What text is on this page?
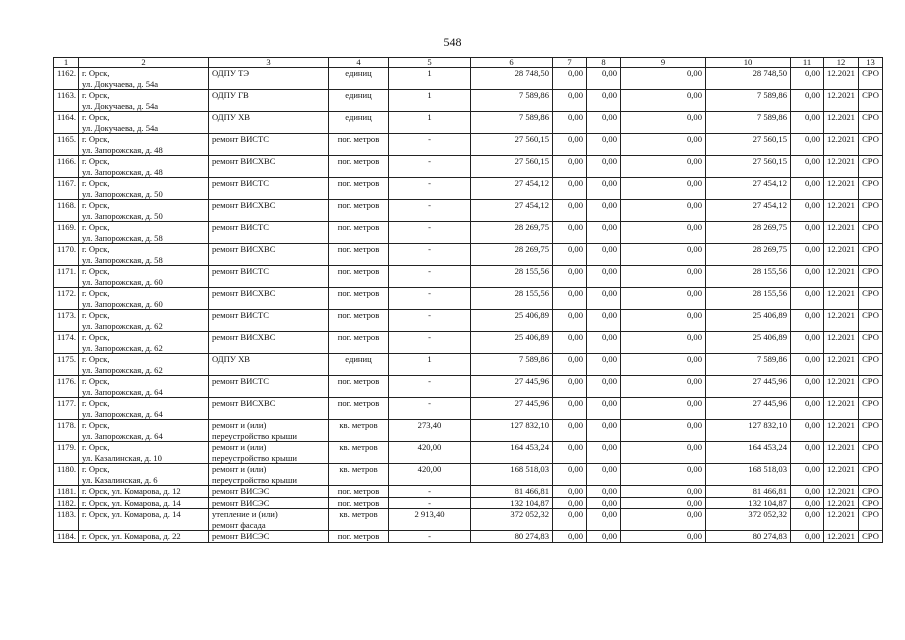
548
1	2	3	4	5	6	7	8	9	10	11	12	13

1162.	г. Орск,
ул. Докучаева, д. 54а	ОДПУ ТЭ	единиц	1	28 748,50	0,00	0,00	0,00	28 748,50	0,00	12.2021	СРО

1163.	г. Орск,
ул. Докучаева, д. 54а	ОДПУ ГВ	единиц	1	7 589,86	0,00	0,00	0,00	7 589,86	0,00	12.2021	СРО

1164.	г. Орск,
ул. Докучаева, д. 54а	ОДПУ ХВ	единиц	1	7 589,86	0,00	0,00	0,00	7 589,86	0,00	12.2021	СРО

1165.	г. Орск,
ул. Запорожская, д. 48	ремонт ВИСТС	пог. метров	-	27 560,15	0,00	0,00	0,00	27 560,15	0,00	12.2021	СРО

1166.	г. Орск,
ул. Запорожская, д. 48	ремонт ВИСХВС	пог. метров	-	27 560,15	0,00	0,00	0,00	27 560,15	0,00	12.2021	СРО

1167.	г. Орск,
ул. Запорожская, д. 50	ремонт ВИСТС	пог. метров	-	27 454,12	0,00	0,00	0,00	27 454,12	0,00	12.2021	СРО

1168.	г. Орск,
ул. Запорожская, д. 50	ремонт ВИСХВС	пог. метров	-	27 454,12	0,00	0,00	0,00	27 454,12	0,00	12.2021	СРО

1169.	г. Орск,
ул. Запорожская, д. 58	ремонт ВИСТС	пог. метров	-	28 269,75	0,00	0,00	0,00	28 269,75	0,00	12.2021	СРО

1170.	г. Орск,
ул. Запорожская, д. 58	ремонт ВИСХВС	пог. метров	-	28 269,75	0,00	0,00	0,00	28 269,75	0,00	12.2021	СРО

1171.	г. Орск,
ул. Запорожская, д. 60	ремонт ВИСТС	пог. метров	-	28 155,56	0,00	0,00	0,00	28 155,56	0,00	12.2021	СРО

1172.	г. Орск,
ул. Запорожская, д. 60	ремонт ВИСХВС	пог. метров	-	28 155,56	0,00	0,00	0,00	28 155,56	0,00	12.2021	СРО

1173.	г. Орск,
ул. Запорожская, д. 62	ремонт ВИСТС	пог. метров	-	25 406,89	0,00	0,00	0,00	25 406,89	0,00	12.2021	СРО

1174.	г. Орск,
ул. Запорожская, д. 62	ремонт ВИСХВС	пог. метров	-	25 406,89	0,00	0,00	0,00	25 406,89	0,00	12.2021	СРО

1175.	г. Орск,
ул. Запорожская, д. 62	ОДПУ ХВ	единиц	1	7 589,86	0,00	0,00	0,00	7 589,86	0,00	12.2021	СРО

1176.	г. Орск,
ул. Запорожская, д. 64	ремонт ВИСТС	пог. метров	-	27 445,96	0,00	0,00	0,00	27 445,96	0,00	12.2021	СРО

1177.	г. Орск,
ул. Запорожская, д. 64	ремонт ВИСХВС	пог. метров	-	27 445,96	0,00	0,00	0,00	27 445,96	0,00	12.2021	СРО

1178.	г. Орск,
ул. Запорожская, д. 64	ремонт и (или)
переустройство крыши	кв. метров	273,40	127 832,10	0,00	0,00	0,00	127 832,10	0,00	12.2021	СРО

1179.	г. Орск,
ул. Казалинская, д. 10	ремонт и (или)
переустройство крыши	кв. метров	420,00	164 453,24	0,00	0,00	0,00	164 453,24	0,00	12.2021	СРО

1180.	г. Орск,
ул. Казалинская, д. 6	ремонт и (или)
переустройство крыши	кв. метров	420,00	168 518,03	0,00	0,00	0,00	168 518,03	0,00	12.2021	СРО

1181.	г. Орск, ул. Комарова, д. 12	ремонт ВИСЭС	пог. метров	-	81 466,81	0,00	0,00	0,00	81 466,81	0,00	12.2021	СРО

1182.	г. Орск, ул. Комарова, д. 14	ремонт ВИСЭС	пог. метров	-	132 104,87	0,00	0,00	0,00	132 104,87	0,00	12.2021	СРО

1183.	г. Орск, ул. Комарова, д. 14	утепление и (или)
ремонт фасада	кв. метров	2 913,40	372 052,32	0,00	0,00	0,00	372 052,32	0,00	12.2021	СРО

1184.	г. Орск, ул. Комарова, д. 22	ремонт ВИСЭС	пог. метров	-	80 274,83	0,00	0,00	0,00	80 274,83	0,00	12.2021	СРО
